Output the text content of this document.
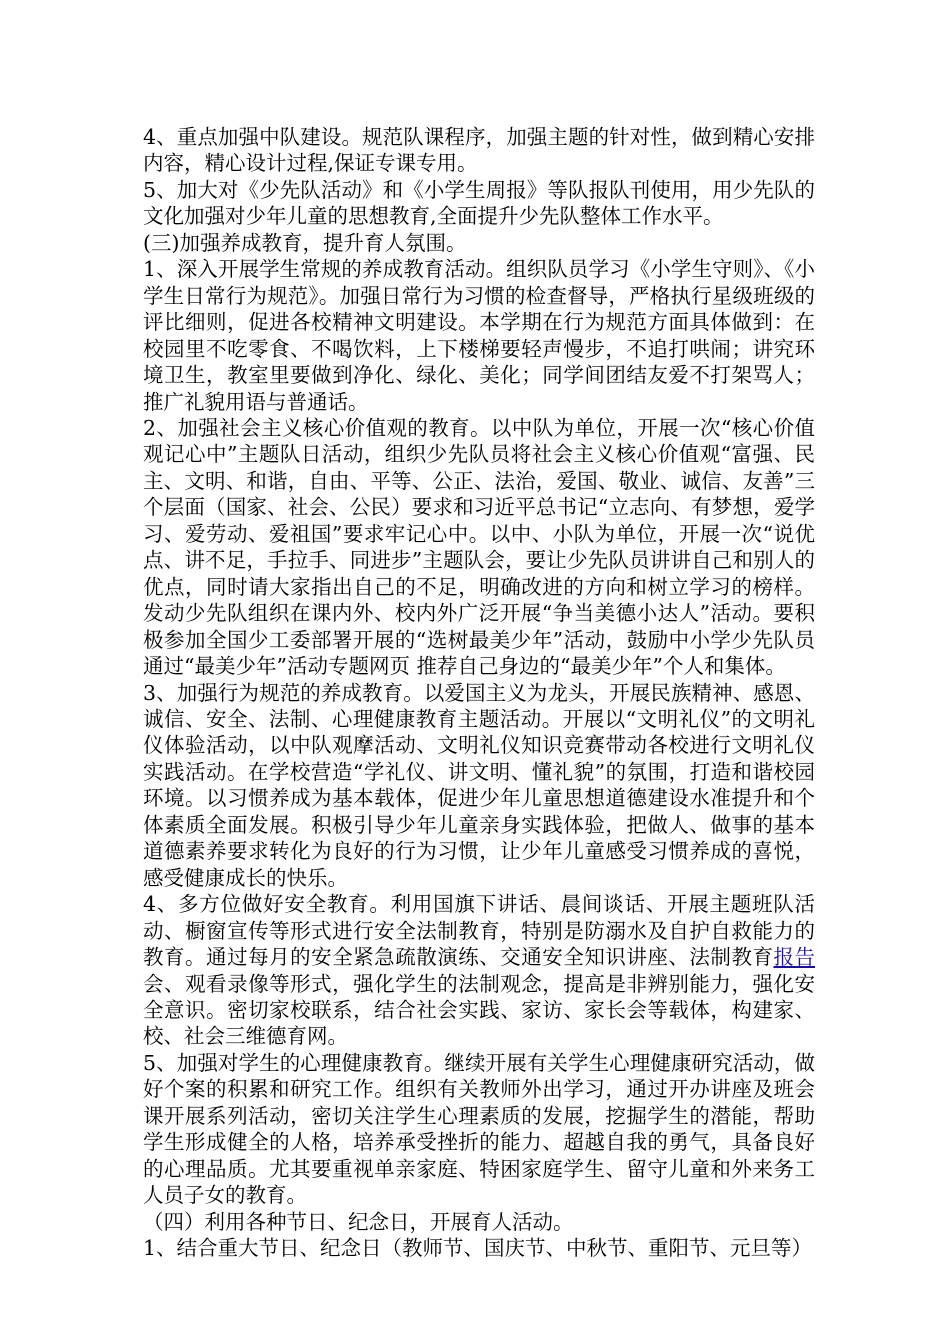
4、重点加强中队建设。规范队课程序，加强主题的针对性，做到精心安排内容，精心设计过程,保证专课专用。

5、加大对《少先队活动》和《小学生周报》等队报队刊使用，用少先队的文化加强对少年儿童的思想教育,全面提升少先队整体工作水平。

(三)加强养成教育，提升育人氛围。

1、深入开展学生常规的养成教育活动。组织队员学习《小学生守则》、《小学生日常行为规范》。加强日常行为习惯的检查督导，严格执行星级班级的评比细则，促进各校精神文明建设。本学期在行为规范方面具体做到：在校园里不吃零食、不喝饮料，上下楼梯要轻声慢步，不追打哄闹；讲究环境卫生，教室里要做到净化、绿化、美化；同学间团结友爱不打架骂人；推广礼貌用语与普通话。

2、加强社会主义核心价值观的教育。以中队为单位，开展一次“核心价值观记心中”主题队日活动，组织少先队员将社会主义核心价值观“富强、民主、文明、和谐，自由、平等、公正、法治，爱国、敬业、诚信、友善”三个层面（国家、社会、公民）要求和习近平总书记“立志向、有梦想，爱学习、爱劳动、爱祖国”要求牢记心中。以中、小队为单位，开展一次“说优点、讲不足，手拉手、同进步”主题队会，要让少先队员讲讲自己和别人的优点，同时请大家指出自己的不足，明确改进的方向和树立学习的榜样。发动少先队组织在课内外、校内外广泛开展“争当美德小达人”活动。要积极参加全国少工委部署开展的“选树最美少年”活动，鼓励中小学少先队员通过“最美少年”活动专题网页 推荐自己身边的“最美少年”个人和集体。

3、加强行为规范的养成教育。以爱国主义为龙头，开展民族精神、感恩、诚信、安全、法制、心理健康教育主题活动。开展以“文明礼仪”的文明礼仪体验活动，以中队观摩活动、文明礼仪知识竞赛带动各校进行文明礼仪实践活动。在学校营造“学礼仪、讲文明、懂礼貌”的氛围，打造和谐校园环境。以习惯养成为基本载体，促进少年儿童思想道德建设水准提升和个体素质全面发展。积极引导少年儿童亲身实践体验，把做人、做事的基本道德素养要求转化为良好的行为习惯，让少年儿童感受习惯养成的喜悦，感受健康成长的快乐。

4、多方位做好安全教育。利用国旗下讲话、晨间谈话、开展主题班队活动、橱窗宣传等形式进行安全法制教育，特别是防溺水及自护自救能力的教育。通过每月的安全紧急疏散演练、交通安全知识讲座、法制教育报告会、观看录像等形式，强化学生的法制观念，提高是非辨别能力，强化安全意识。密切家校联系，结合社会实践、家访、家长会等载体，构建家、校、社会三维德育网。

5、加强对学生的心理健康教育。继续开展有关学生心理健康研究活动，做好个案的积累和研究工作。组织有关教师外出学习，通过开办讲座及班会课开展系列活动，密切关注学生心理素质的发展，挖掘学生的潜能，帮助学生形成健全的人格，培养承受挫折的能力、超越自我的勇气，具备良好的心理品质。尤其要重视单亲家庭、特困家庭学生、留守儿童和外来务工人员子女的教育。

（四）利用各种节日、纪念日，开展育人活动。

1、结合重大节日、纪念日（教师节、国庆节、中秋节、重阳节、元旦等）
